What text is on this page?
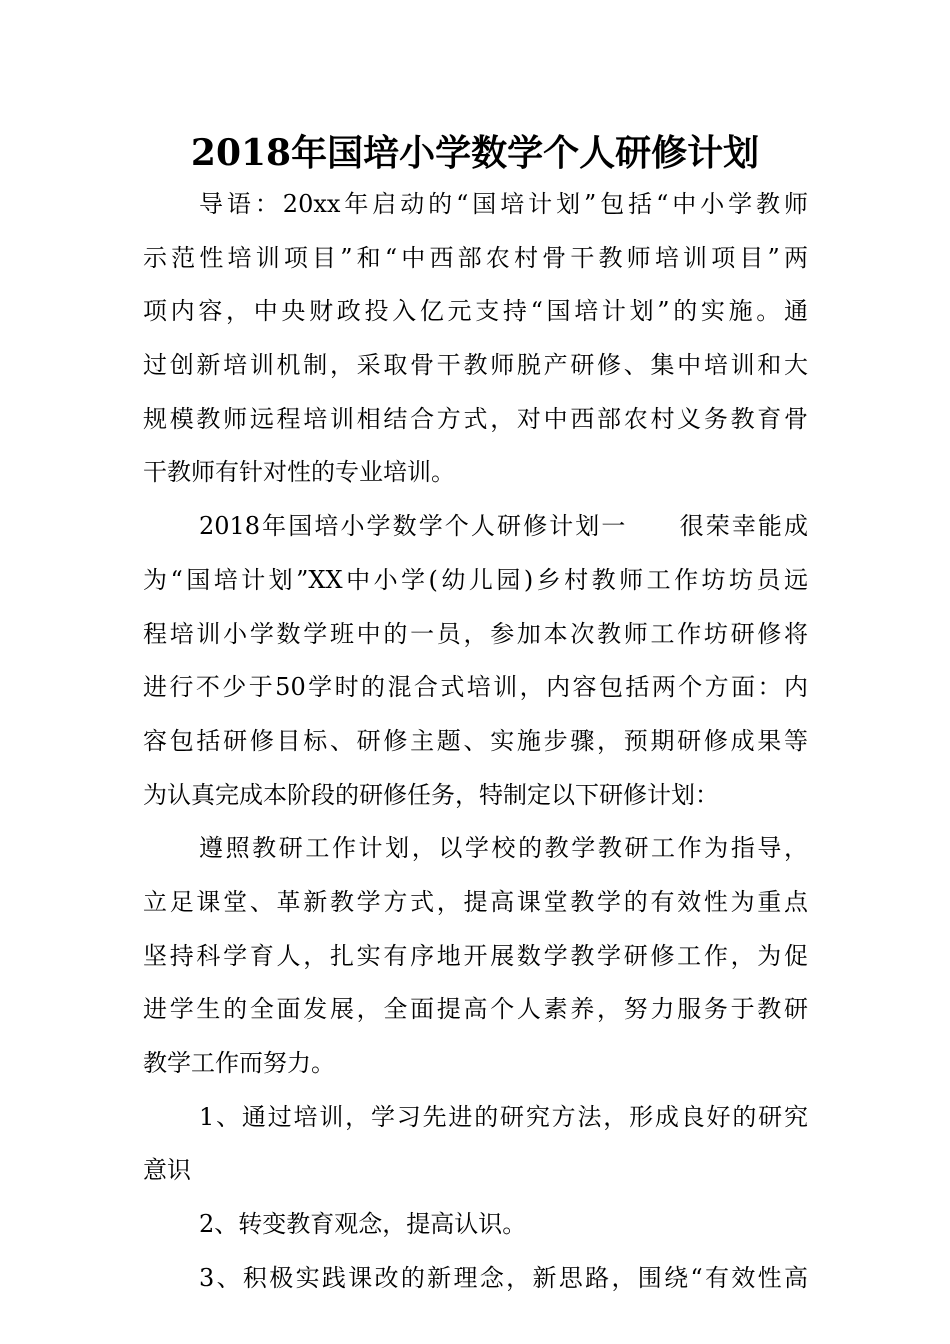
2018年国培小学数学个人研修计划
导语：20xx年启动的“国培计划”包括“中小学教师
示范性培训项目”和“中西部农村骨干教师培训项目”两
项内容，中央财政投入亿元支持“国培计划”的实施。通
过创新培训机制，采取骨干教师脱产研修、集中培训和大
规模教师远程培训相结合方式，对中西部农村义务教育骨
干教师有针对性的专业培训。
2018年国培小学数学个人研修计划一　　很荣幸能成
为“国培计划”XX中小学(幼儿园)乡村教师工作坊坊员远
程培训小学数学班中的一员，参加本次教师工作坊研修将
进行不少于50学时的混合式培训，内容包括两个方面：内
容包括研修目标、研修主题、实施步骤，预期研修成果等
为认真完成本阶段的研修任务，特制定以下研修计划：
遵照教研工作计划，以学校的教学教研工作为指导，
立足课堂、革新教学方式，提高课堂教学的有效性为重点
坚持科学育人，扎实有序地开展数学教学研修工作，为促
进学生的全面发展，全面提高个人素养，努力服务于教研
教学工作而努力。
1、通过培训，学习先进的研究方法，形成良好的研究
意识
2、转变教育观念，提高认识。
3、积极实践课改的新理念，新思路，围绕“有效性高
